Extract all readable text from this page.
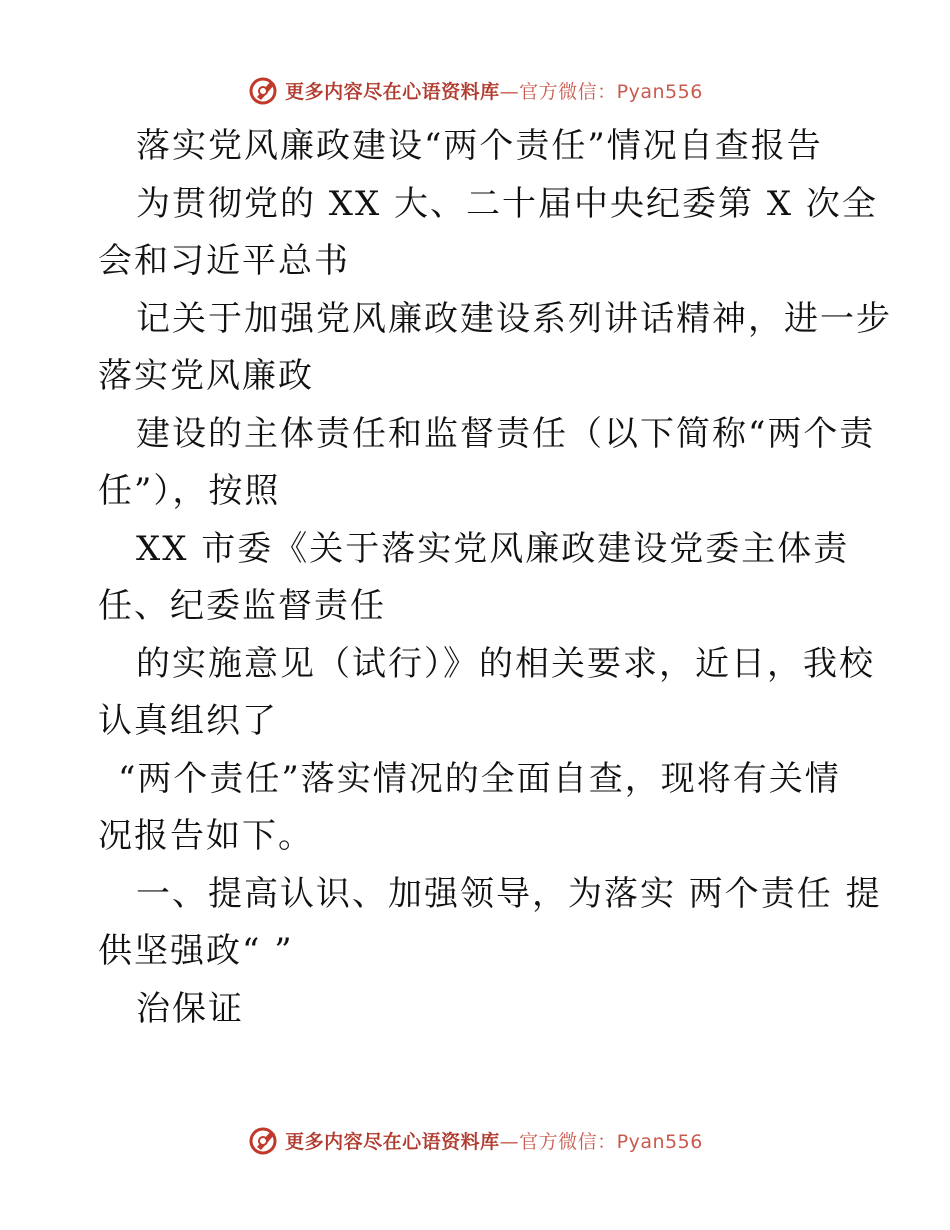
更多内容尽在心语资料库—官方微信：Pyan556
落实党风廉政建设“两个责任”情况自查报告
为贯彻党的 XX 大、二十届中央纪委第 X 次全
会和习近平总书
记关于加强党风廉政建设系列讲话精神，进一步
落实党风廉政
建设的主体责任和监督责任（以下简称“两个责
任”），按照
XX 市委《关于落实党风廉政建设党委主体责
任、纪委监督责任
的实施意见（试行）》的相关要求，近日，我校
认真组织了
“两个责任”落实情况的全面自查，现将有关情
况报告如下。
一、提高认识、加强领导，为落实 两个责任 提
供坚强政“ ”
治保证
更多内容尽在心语资料库—官方微信：Pyan556
